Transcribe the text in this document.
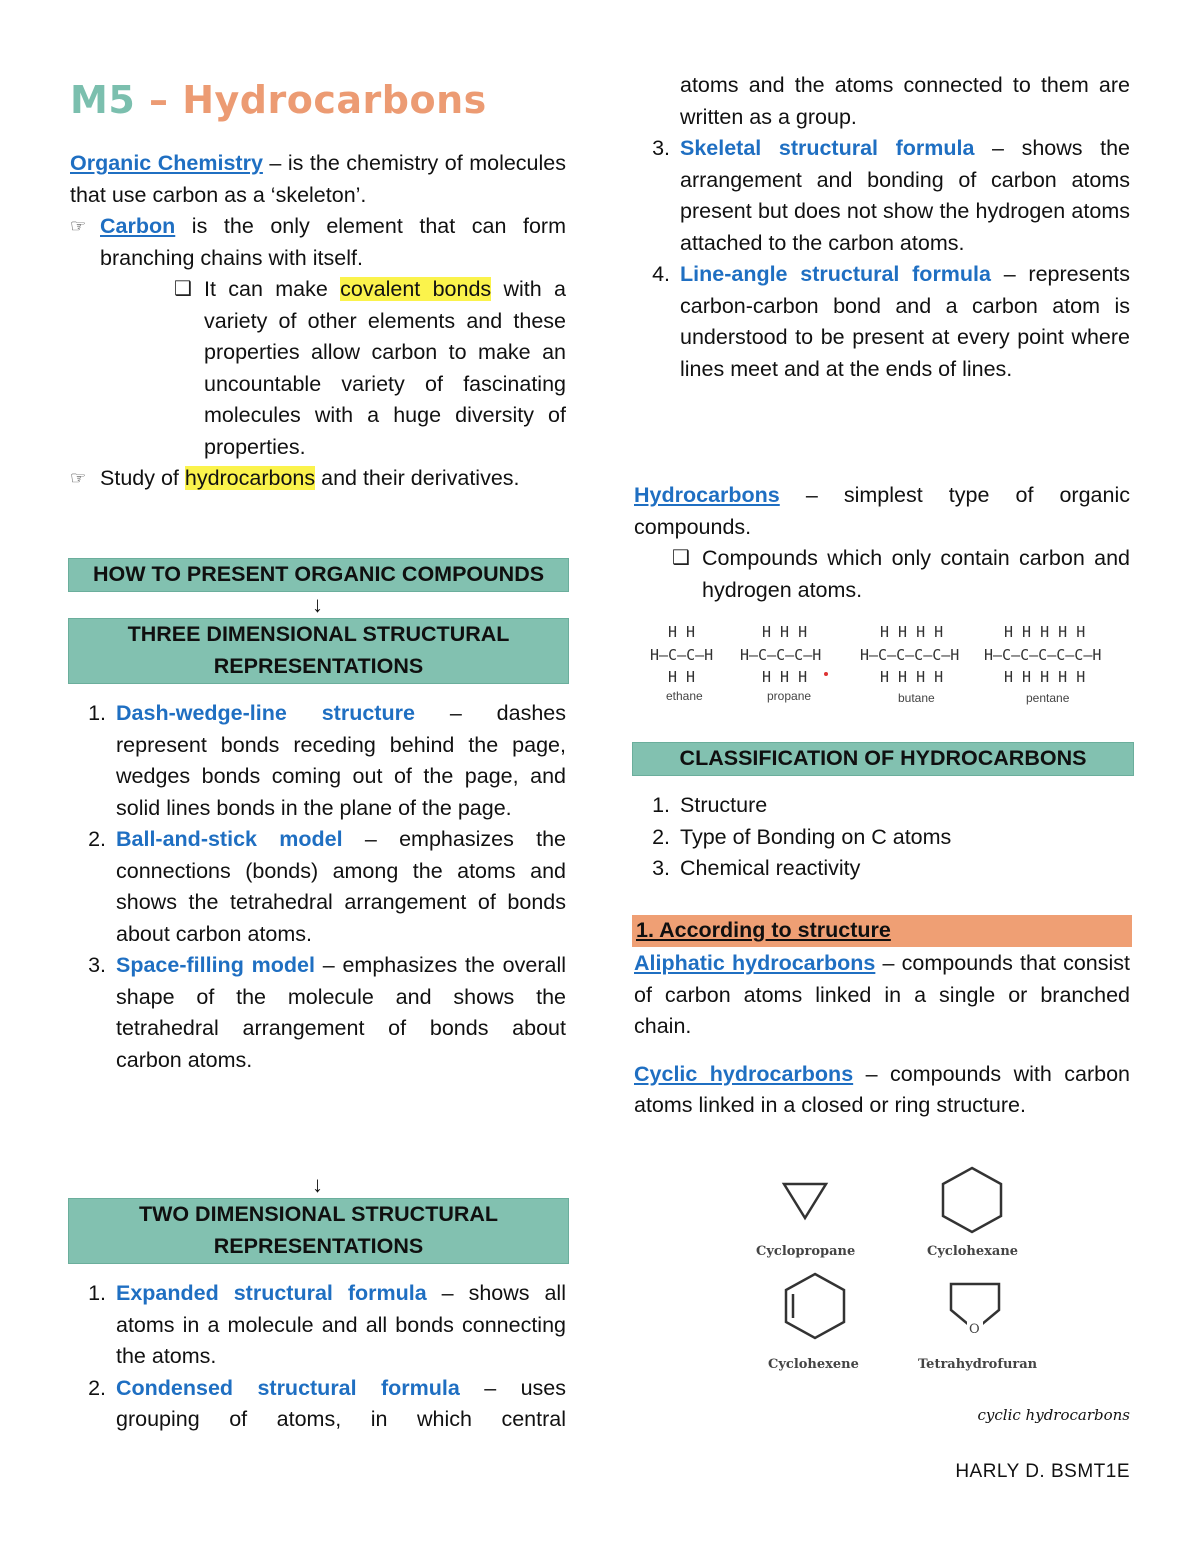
M5 – Hydrocarbons

Organic Chemistry – is the chemistry of molecules that use carbon as a ‘skeleton’.

☞ Carbon is the only element that can form branching chains with itself.

❑ It can make covalent bonds with a variety of other elements and these properties allow carbon to make an uncountable variety of fascinating molecules with a huge diversity of properties.

☞ Study of hydrocarbons and their derivatives.

HOW TO PRESENT ORGANIC COMPOUNDS
↓
THREE DIMENSIONAL STRUCTURAL REPRESENTATIONS
1. Dash-wedge-line structure – dashes represent bonds receding behind the page, wedges bonds coming out of the page, and solid lines bonds in the plane of the page.

2. Ball-and-stick model – emphasizes the connections (bonds) among the atoms and shows the tetrahedral arrangement of bonds about carbon atoms.

3. Space-filling model – emphasizes the overall shape of the molecule and shows the tetrahedral arrangement of bonds about carbon atoms.

↓
TWO DIMENSIONAL STRUCTURAL REPRESENTATIONS
1. Expanded structural formula – shows all atoms in a molecule and all bonds connecting the atoms.

2. Condensed structural formula – uses grouping of atoms, in which central

atoms and the atoms connected to them are written as a group.

3. Skeletal structural formula – shows the arrangement and bonding of carbon atoms present but does not show the hydrogen atoms attached to the carbon atoms.

4. Line-angle structural formula – represents carbon-carbon bond and a carbon atom is understood to be present at every point where lines meet and at the ends of lines.

Hydrocarbons – simplest type of organic compounds.

❑ Compounds which only contain carbon and hydrogen atoms.

H H
H–C–C–H
H H
ethane
H H H
H–C–C–C–H
H H H
propane
H H H H
H–C–C–C–C–H
H H H H
butane
H H H H H
H–C–C–C–C–C–H
H H H H H
pentane
CLASSIFICATION OF HYDROCARBONS
1. Structure

2. Type of Bonding on C atoms

3. Chemical reactivity

1. According to structure

Aliphatic hydrocarbons – compounds that consist of carbon atoms linked in a single or branched chain.

Cyclic hydrocarbons – compounds with carbon atoms linked in a closed or ring structure.

Cyclopropane	Cyclohexane
Cyclohexene
O
Tetrahydrofuran
cyclic hydrocarbons
HARLY D. BSMT1E
